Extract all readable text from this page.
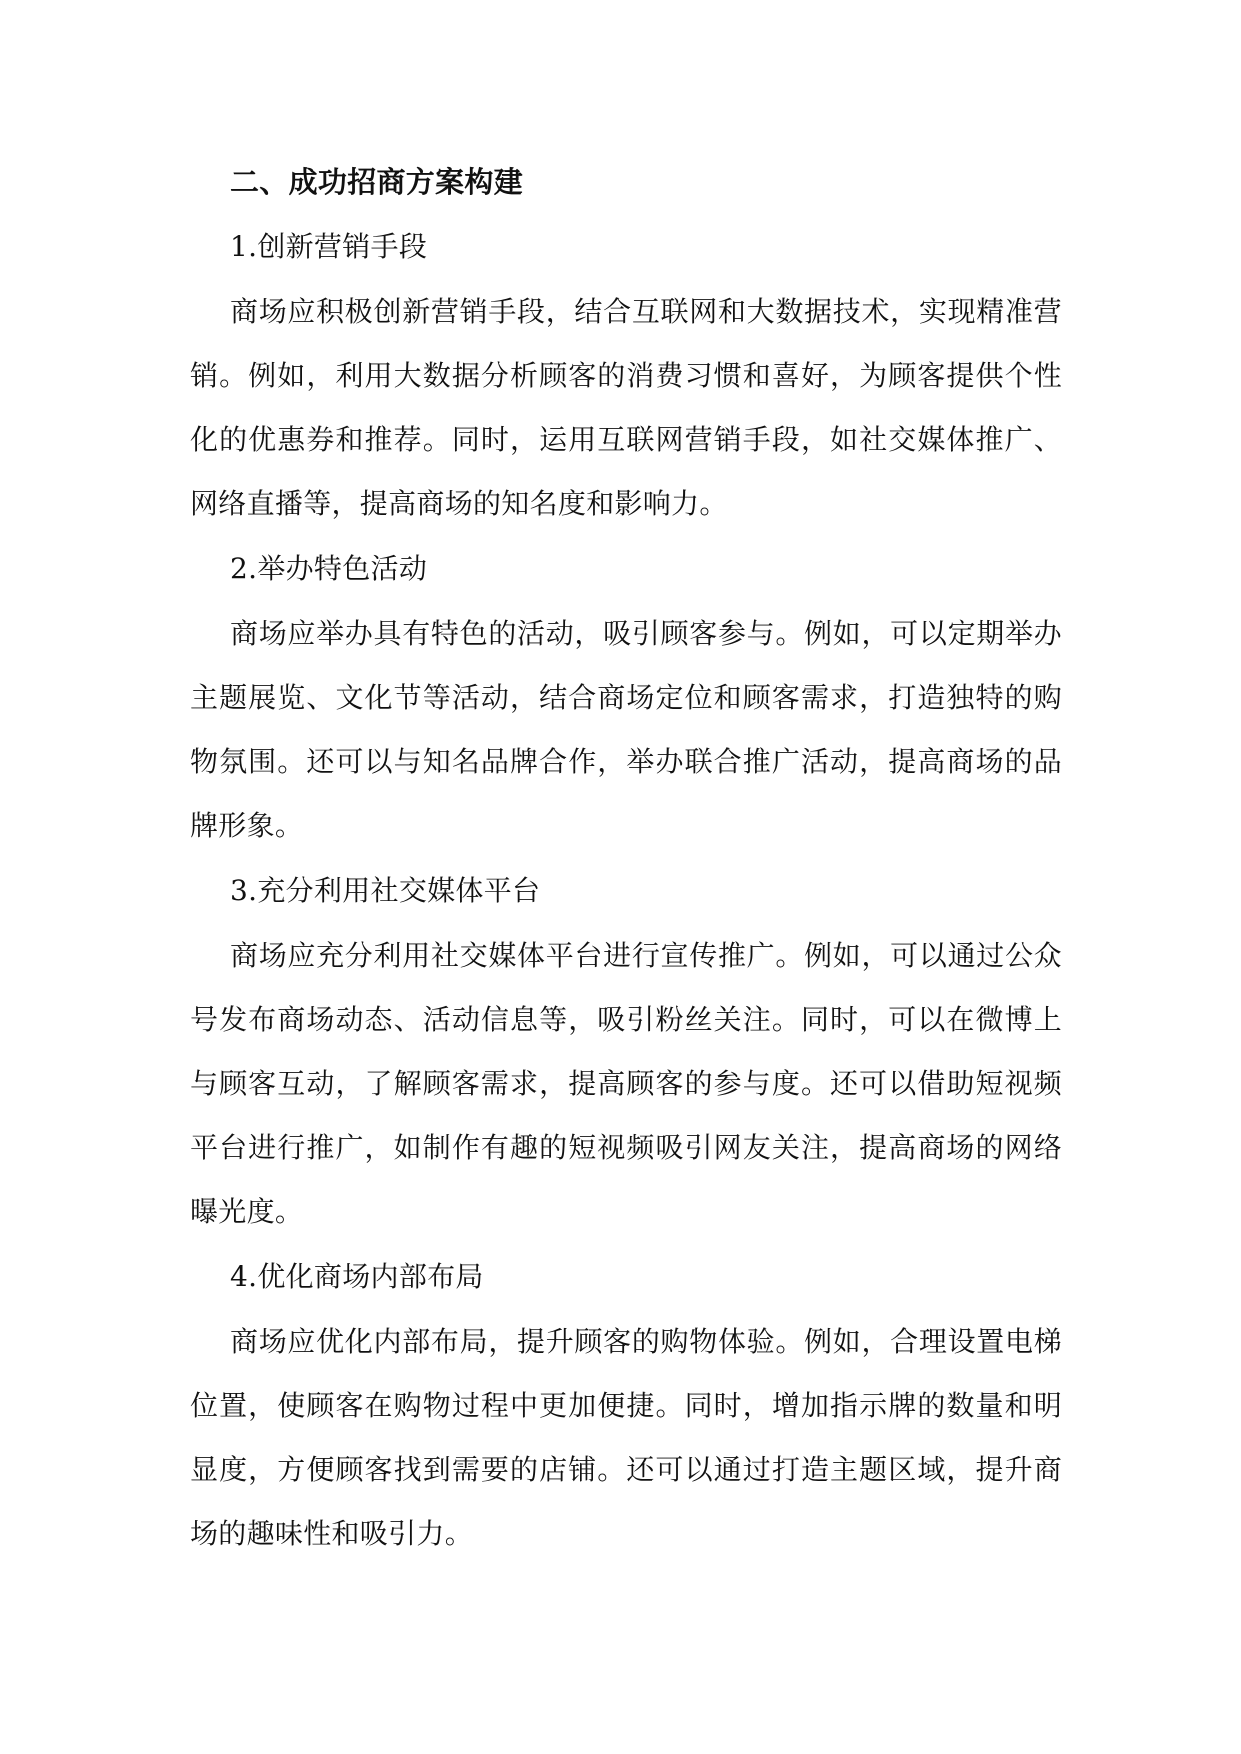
二、成功招商方案构建

1.创新营销手段

商场应积极创新营销手段，结合互联网和大数据技术，实现精准营销。例如，利用大数据分析顾客的消费习惯和喜好，为顾客提供个性化的优惠券和推荐。同时，运用互联网营销手段，如社交媒体推广、网络直播等，提高商场的知名度和影响力。

2.举办特色活动

商场应举办具有特色的活动，吸引顾客参与。例如，可以定期举办主题展览、文化节等活动，结合商场定位和顾客需求，打造独特的购物氛围。还可以与知名品牌合作，举办联合推广活动，提高商场的品牌形象。

3.充分利用社交媒体平台

商场应充分利用社交媒体平台进行宣传推广。例如，可以通过公众号发布商场动态、活动信息等，吸引粉丝关注。同时，可以在微博上与顾客互动，了解顾客需求，提高顾客的参与度。还可以借助短视频平台进行推广，如制作有趣的短视频吸引网友关注，提高商场的网络曝光度。

4.优化商场内部布局

商场应优化内部布局，提升顾客的购物体验。例如，合理设置电梯位置，使顾客在购物过程中更加便捷。同时，增加指示牌的数量和明显度，方便顾客找到需要的店铺。还可以通过打造主题区域，提升商场的趣味性和吸引力。
